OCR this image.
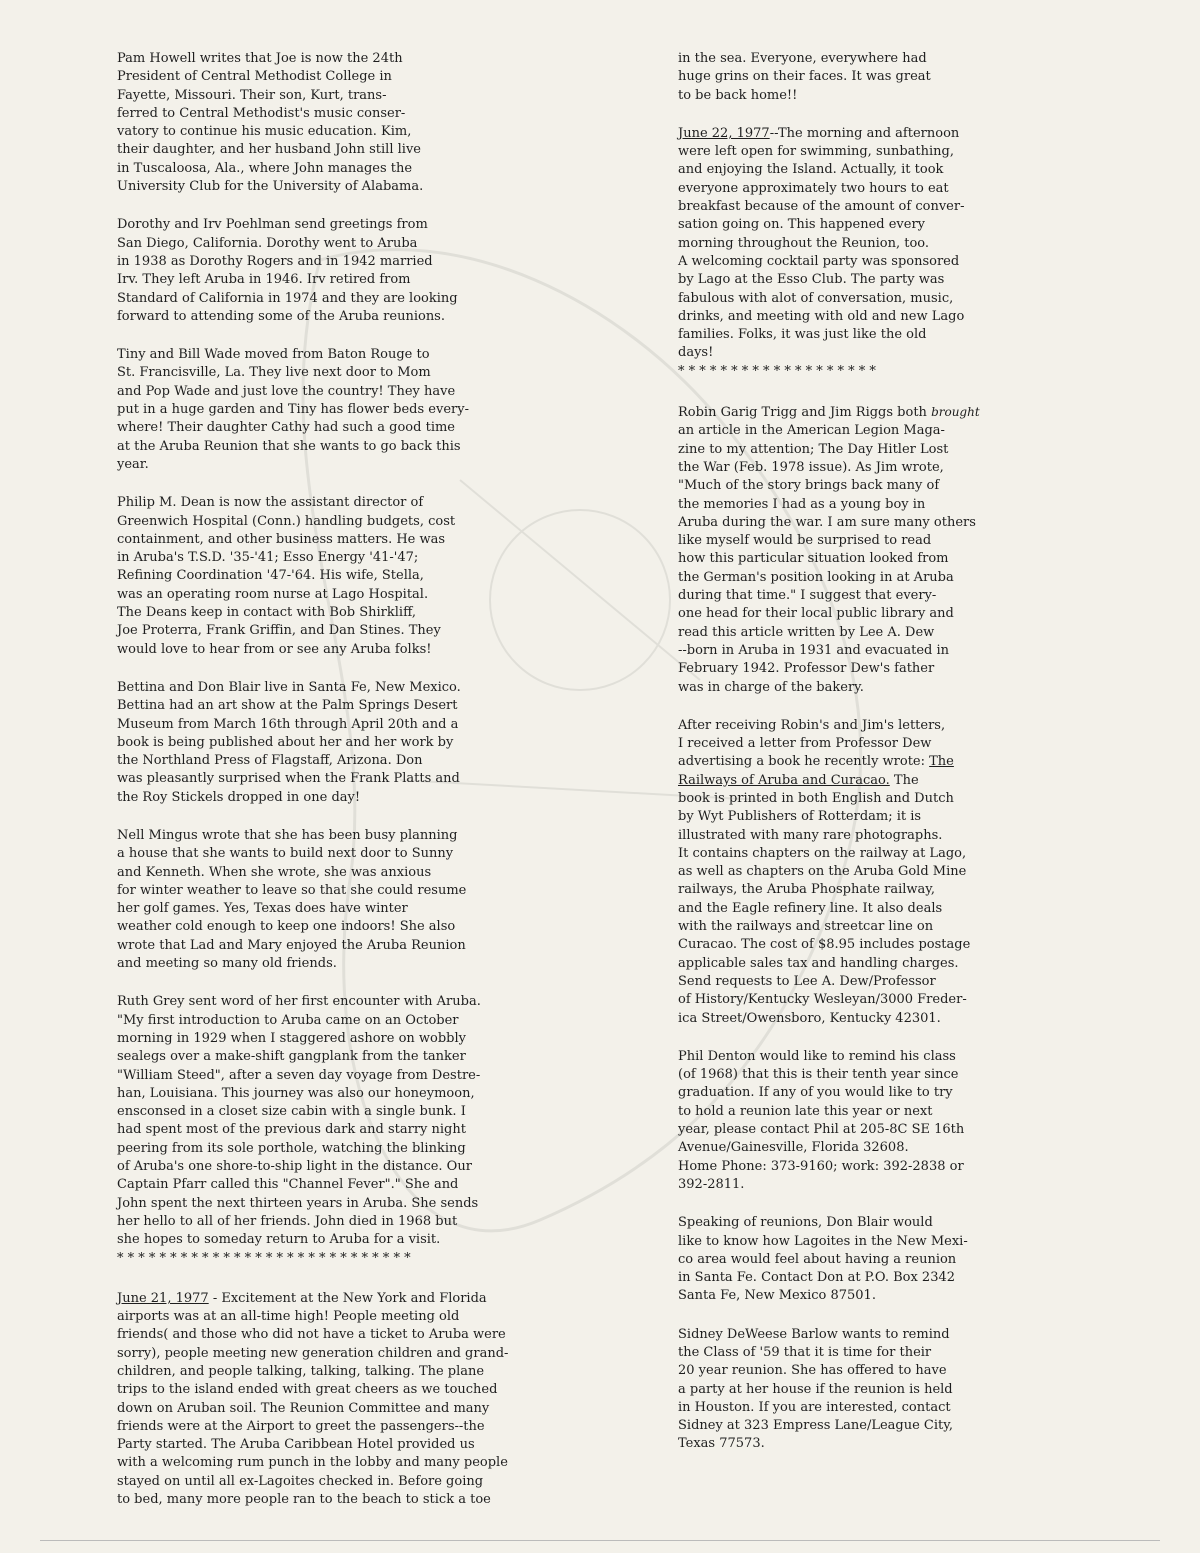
Pam Howell writes that Joe is now the 24th
President of Central Methodist College in
Fayette, Missouri. Their son, Kurt, trans-
ferred to Central Methodist's music conser-
vatory to continue his music education. Kim,
their daughter, and her husband John still live
in Tuscaloosa, Ala., where John manages the
University Club for the University of Alabama.

Dorothy and Irv Poehlman send greetings from
San Diego, California. Dorothy went to Aruba
in 1938 as Dorothy Rogers and in 1942 married
Irv. They left Aruba in 1946. Irv retired from
Standard of California in 1974 and they are looking
forward to attending some of the Aruba reunions.

Tiny and Bill Wade moved from Baton Rouge to
St. Francisville, La. They live next door to Mom
and Pop Wade and just love the country! They have
put in a huge garden and Tiny has flower beds every-
where! Their daughter Cathy had such a good time
at the Aruba Reunion that she wants to go back this
year.

Philip M. Dean is now the assistant director of
Greenwich Hospital (Conn.) handling budgets, cost
containment, and other business matters. He was
in Aruba's T.S.D. '35-'41; Esso Energy '41-'47;
Refining Coordination '47-'64. His wife, Stella,
was an operating room nurse at Lago Hospital.
The Deans keep in contact with Bob Shirkliff,
Joe Proterra, Frank Griffin, and Dan Stines. They
would love to hear from or see any Aruba folks!

Bettina and Don Blair live in Santa Fe, New Mexico.
Bettina had an art show at the Palm Springs Desert
Museum from March 16th through April 20th and a
book is being published about her and her work by
the Northland Press of Flagstaff, Arizona. Don
was pleasantly surprised when the Frank Platts and
the Roy Stickels dropped in one day!

Nell Mingus wrote that she has been busy planning
a house that she wants to build next door to Sunny
and Kenneth. When she wrote, she was anxious
for winter weather to leave so that she could resume
her golf games. Yes, Texas does have winter
weather cold enough to keep one indoors! She also
wrote that Lad and Mary enjoyed the Aruba Reunion
and meeting so many old friends.

Ruth Grey sent word of her first encounter with Aruba.
"My first introduction to Aruba came on an October
morning in 1929 when I staggered ashore on wobbly
sealegs over a make-shift gangplank from the tanker
"William Steed", after a seven day voyage from Destre-
han, Louisiana. This journey was also our honeymoon,
ensconsed in a closet size cabin with a single bunk. I
had spent most of the previous dark and starry night
peering from its sole porthole, watching the blinking
of Aruba's one shore-to-ship light in the distance. Our
Captain Pfarr called this "Channel Fever"." She and
John spent the next thirteen years in Aruba. She sends
her hello to all of her friends. John died in 1968 but
she hopes to someday return to Aruba for a visit.

* * * * * * * * * * * * * * * * * * * * * * * * * * * *

June 21, 1977 - Excitement at the New York and Florida
airports was at an all-time high! People meeting old
friends( and those who did not have a ticket to Aruba were
sorry), people meeting new generation children and grand-
children, and people talking, talking, talking. The plane
trips to the island ended with great cheers as we touched
down on Aruban soil. The Reunion Committee and many
friends were at the Airport to greet the passengers--the
Party started. The Aruba Caribbean Hotel provided us
with a welcoming rum punch in the lobby and many people
stayed on until all ex-Lagoites checked in. Before going
to bed, many more people ran to the beach to stick a toe

in the sea. Everyone, everywhere had
huge grins on their faces. It was great
to be back home!!

June 22, 1977--The morning and afternoon
were left open for swimming, sunbathing,
and enjoying the Island. Actually, it took
everyone approximately two hours to eat
breakfast because of the amount of conver-
sation going on. This happened every
morning throughout the Reunion, too.
A welcoming cocktail party was sponsored
by Lago at the Esso Club. The party was
fabulous with alot of conversation, music,
drinks, and meeting with old and new Lago
families. Folks, it was just like the old
days!

* * * * * * * * * * * * * * * * * * *

Robin Garig Trigg and Jim Riggs both brought
an article in the American Legion Maga-
zine to my attention; The Day Hitler Lost
the War (Feb. 1978 issue). As Jim wrote,
"Much of the story brings back many of
the memories I had as a young boy in
Aruba during the war. I am sure many others
like myself would be surprised to read
how this particular situation looked from
the German's position looking in at Aruba
during that time." I suggest that every-
one head for their local public library and
read this article written by Lee A. Dew
--born in Aruba in 1931 and evacuated in
February 1942. Professor Dew's father
was in charge of the bakery.

After receiving Robin's and Jim's letters,
I received a letter from Professor Dew
advertising a book he recently wrote: The
Railways of Aruba and Curacao. The
book is printed in both English and Dutch
by Wyt Publishers of Rotterdam; it is
illustrated with many rare photographs.
It contains chapters on the railway at Lago,
as well as chapters on the Aruba Gold Mine
railways, the Aruba Phosphate railway,
and the Eagle refinery line. It also deals
with the railways and streetcar line on
Curacao. The cost of $8.95 includes postage
applicable sales tax and handling charges.
Send requests to Lee A. Dew/Professor
of History/Kentucky Wesleyan/3000 Freder-
ica Street/Owensboro, Kentucky 42301.

Phil Denton would like to remind his class
(of 1968) that this is their tenth year since
graduation. If any of you would like to try
to hold a reunion late this year or next
year, please contact Phil at 205-8C SE 16th
Avenue/Gainesville, Florida 32608.
Home Phone: 373-9160; work: 392-2838 or
392-2811.

Speaking of reunions, Don Blair would
like to know how Lagoites in the New Mexi-
co area would feel about having a reunion
in Santa Fe. Contact Don at P.O. Box 2342
Santa Fe, New Mexico 87501.

Sidney DeWeese Barlow wants to remind
the Class of '59 that it is time for their
20 year reunion. She has offered to have
a party at her house if the reunion is held
in Houston. If you are interested, contact
Sidney at 323 Empress Lane/League City,
Texas 77573.
